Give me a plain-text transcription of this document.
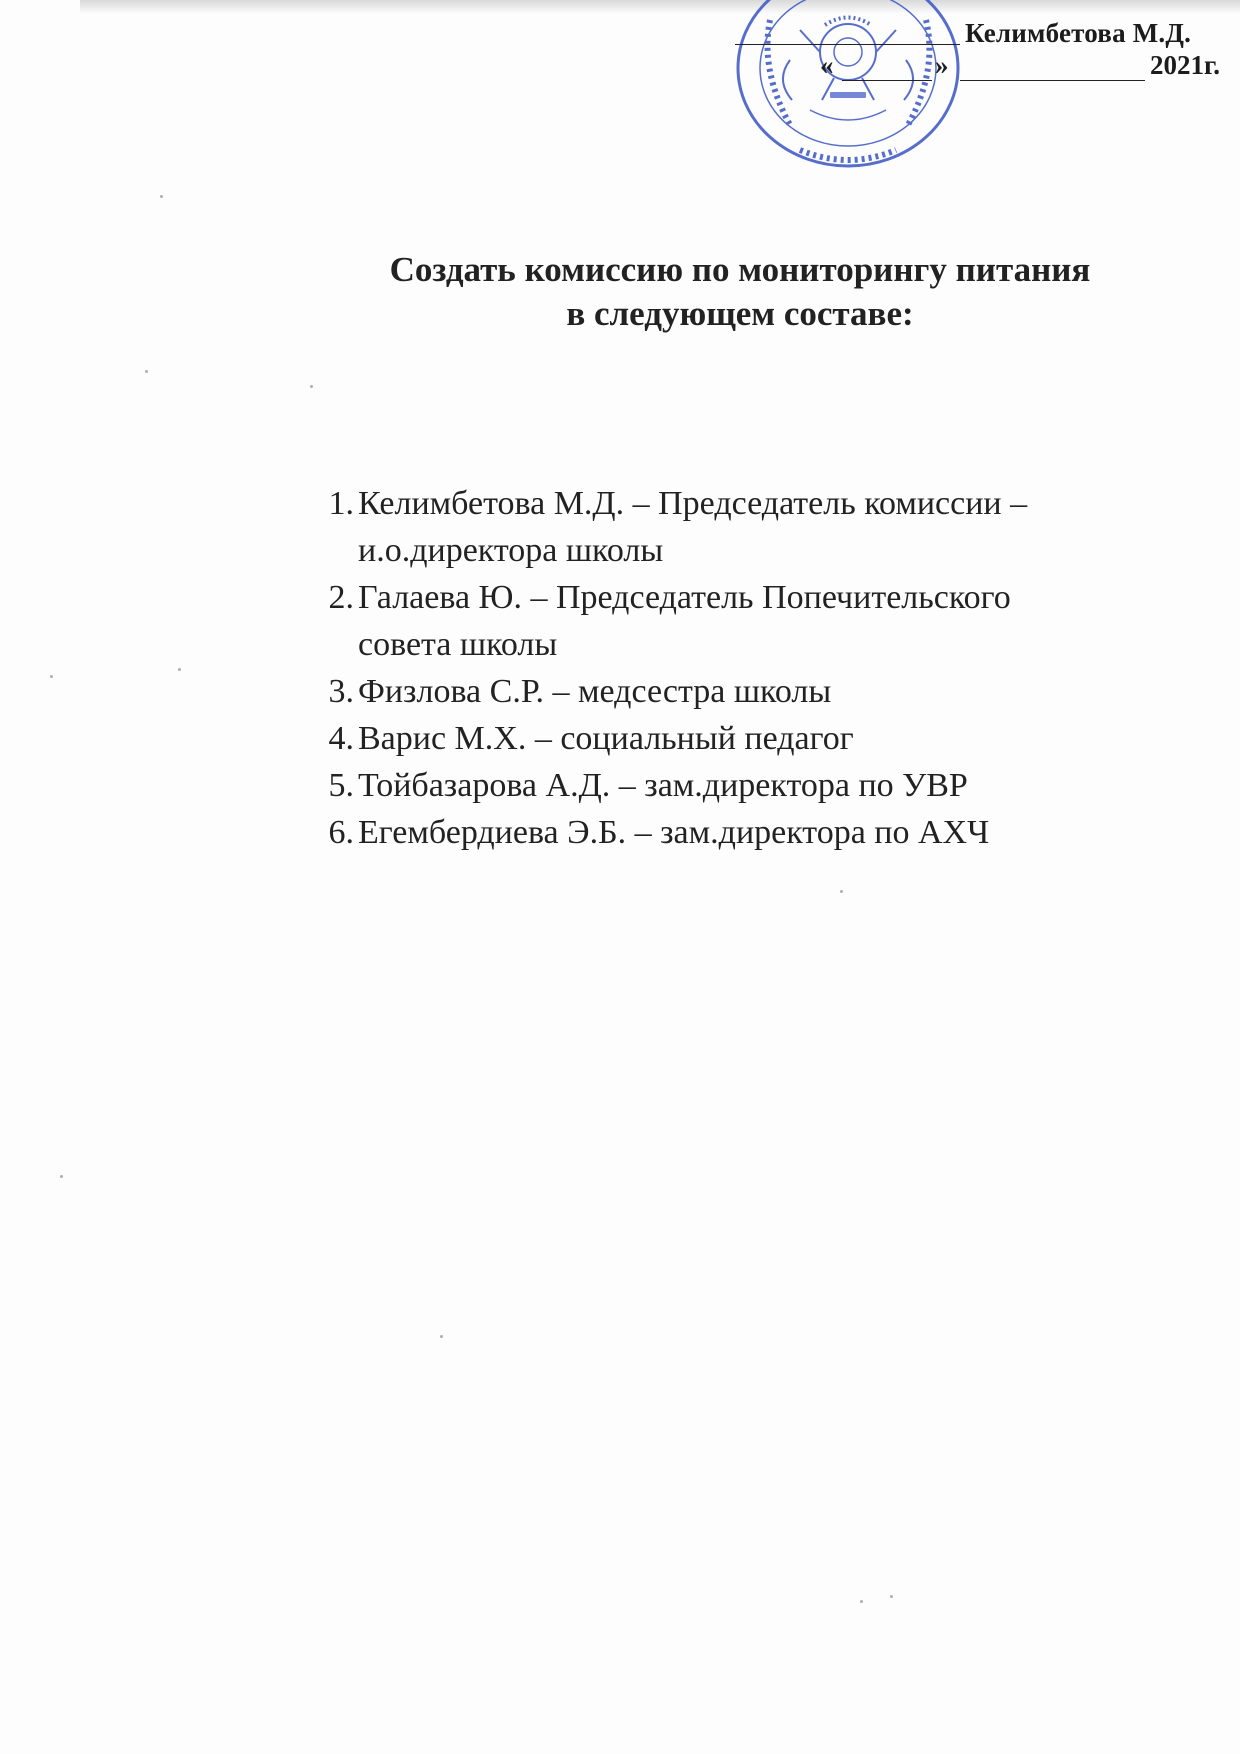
Келимбетова М.Д.
«	»	2021г.
Создать комиссию по мониторингу питания
в следующем составе:
1. Келимбетова М.Д. – Председатель комиссии – и.о.директора школы
2. Галаева Ю. – Председатель Попечительского совета школы
3. Физлова С.Р. – медсестра школы
4. Варис М.Х. – социальный педагог
5. Тойбазарова А.Д. – зам.директора по УВР
6. Егембердиева Э.Б. – зам.директора по АХЧ
